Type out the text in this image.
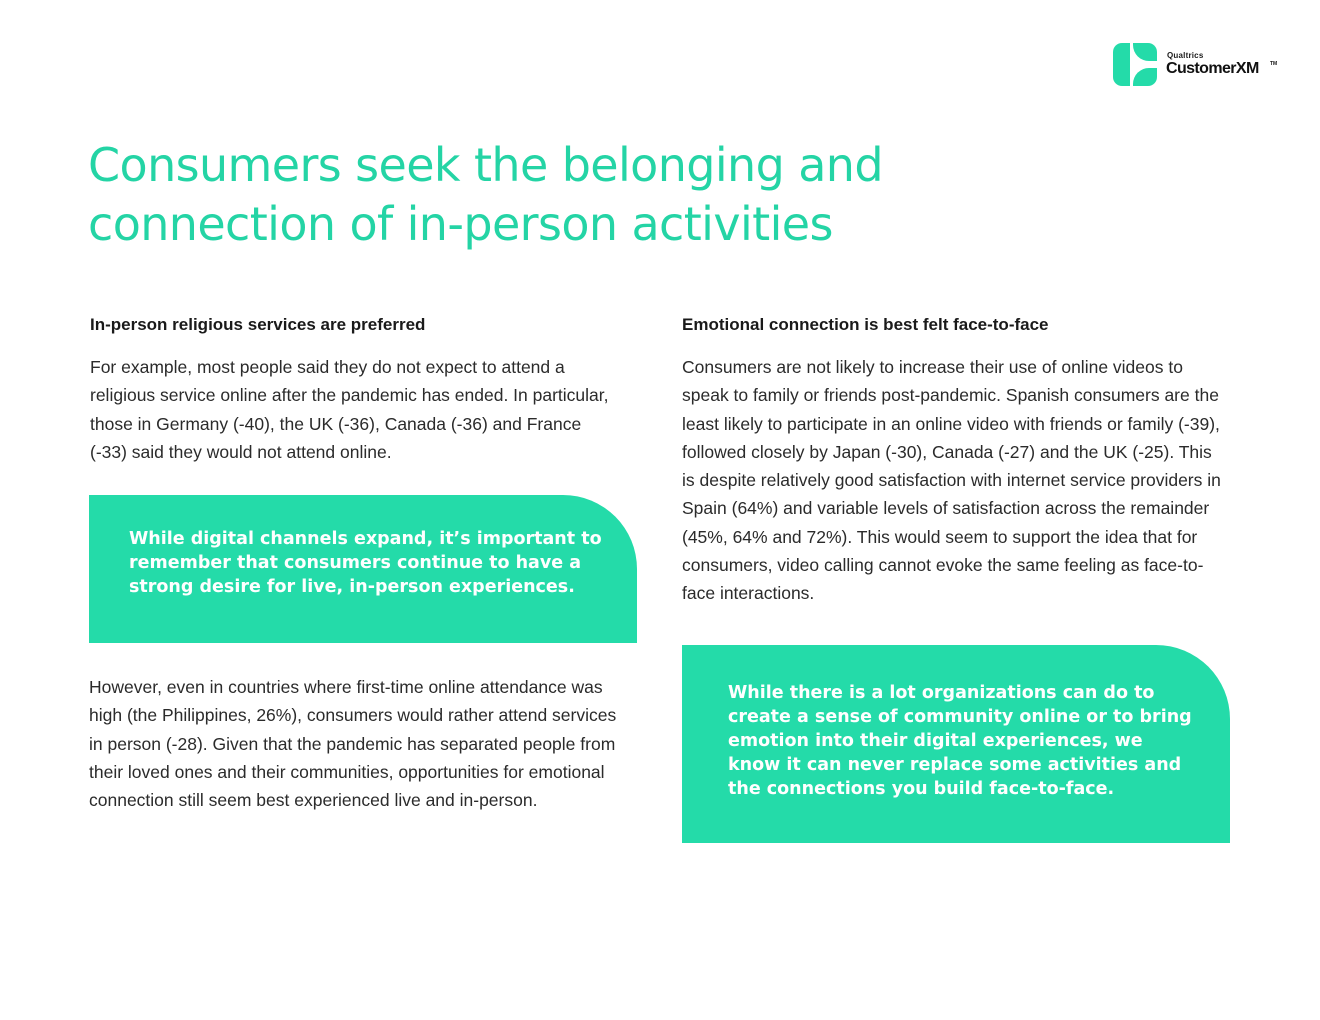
Qualtrics
CustomerXM TM
Consumers seek the belonging and connection of in-person activities
In-person religious services are preferred

For example, most people said they do not expect to attend a religious service online after the pandemic has ended. In particular, those in Germany (-40), the UK (-36), Canada (-36) and France (-33) said they would not attend online.

While digital channels expand, it’s important to remember that consumers continue to have a strong desire for live, in-person experiences.

However, even in countries where first-time online attendance was high (the Philippines, 26%), consumers would rather attend services in person (-28). Given that the pandemic has separated people from their loved ones and their communities, opportunities for emotional connection still seem best experienced live and in-person.

Emotional connection is best felt face-to-face

Consumers are not likely to increase their use of online videos to speak to family or friends post-pandemic. Spanish consumers are the least likely to participate in an online video with friends or family (-39), followed closely by Japan (-30), Canada (-27) and the UK (-25). This is despite relatively good satisfaction with internet service providers in Spain (64%) and variable levels of satisfaction across the remainder (45%, 64% and 72%). This would seem to support the idea that for consumers, video calling cannot evoke the same feeling as face-to-face interactions.

While there is a lot organizations can do to create a sense of community online or to bring emotion into their digital experiences, we know it can never replace some activities and the connections you build face-to-face.
